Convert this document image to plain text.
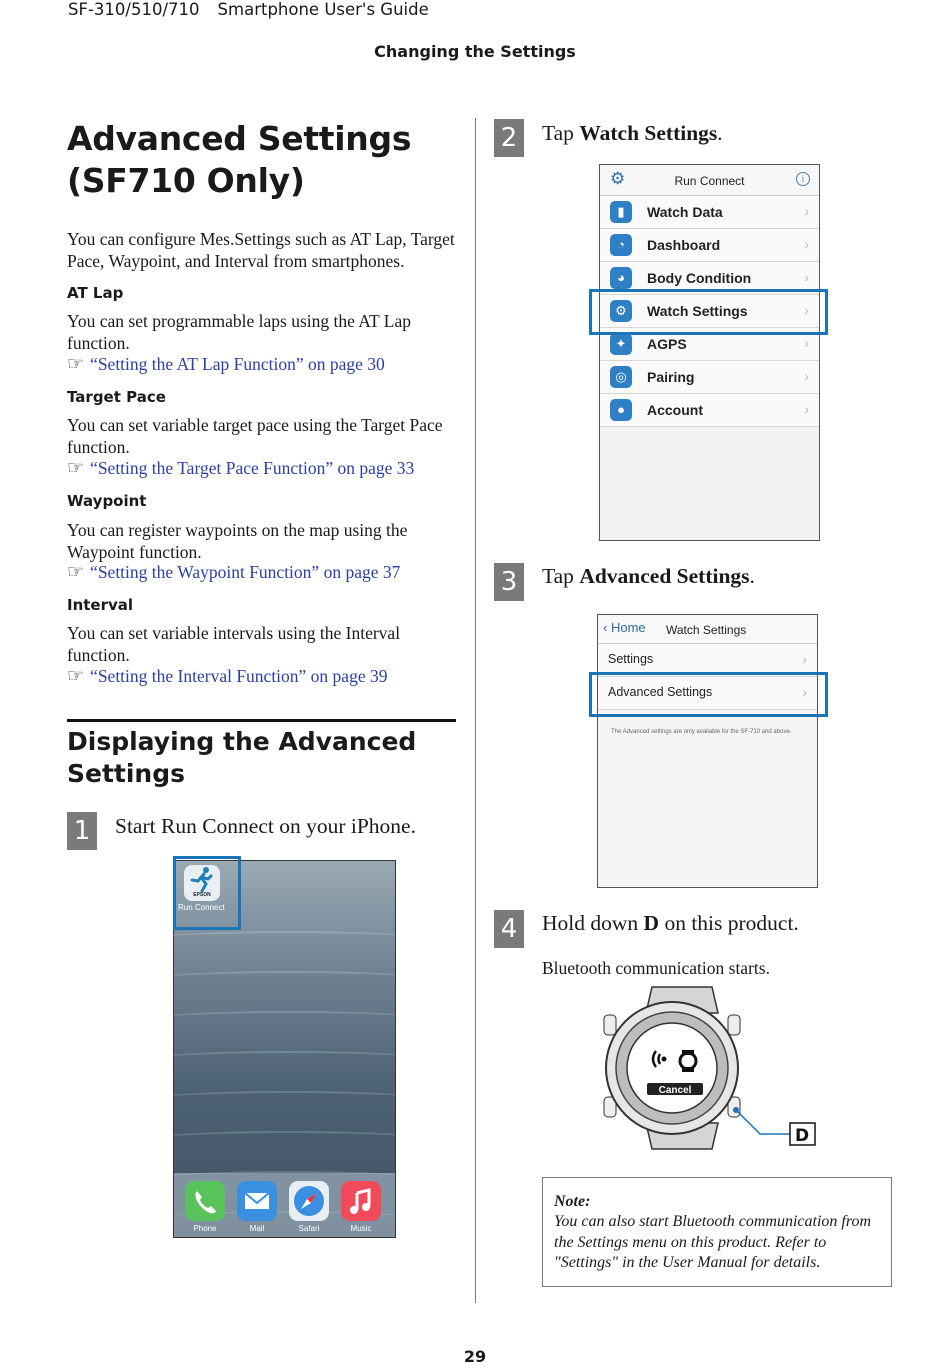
SF-310/510/710 Smartphone User's Guide
Changing the Settings
Advanced Settings (SF710 Only)
You can configure Mes.Settings such as AT Lap, Target Pace, Waypoint, and Interval from smartphones.
AT Lap
You can set programmable laps using the AT Lap function.
☞ “Setting the AT Lap Function” on page 30
Target Pace
You can set variable target pace using the Target Pace function.
☞ “Setting the Target Pace Function” on page 33
Waypoint
You can register waypoints on the map using the Waypoint function.
☞ “Setting the Waypoint Function” on page 37
Interval
You can set variable intervals using the Interval function.
☞ “Setting the Interval Function” on page 39
Displaying the Advanced Settings
1	Start Run Connect on your iPhone.
EPSON
Run Connect
Phone	Mail	Safari	Music
2	Tap Watch Settings.
⚙	Run Connect	i
▮	Watch Data	›
◔	Dashboard	›
◕	Body Condition	›
⚙	Watch Settings	›
✦	AGPS	›
◎	Pairing	›
●	Account	›
3	Tap Advanced Settings.
‹ Home Watch Settings
Settings	›
Advanced Settings	›
The Advanced settings are only available for the SF-710 and above.
4	Hold down D on this product.
Bluetooth communication starts.
Cancel
D
Note:
You can also start Bluetooth communication from the Settings menu on this product. Refer to "Settings" in the User Manual for details.
29
